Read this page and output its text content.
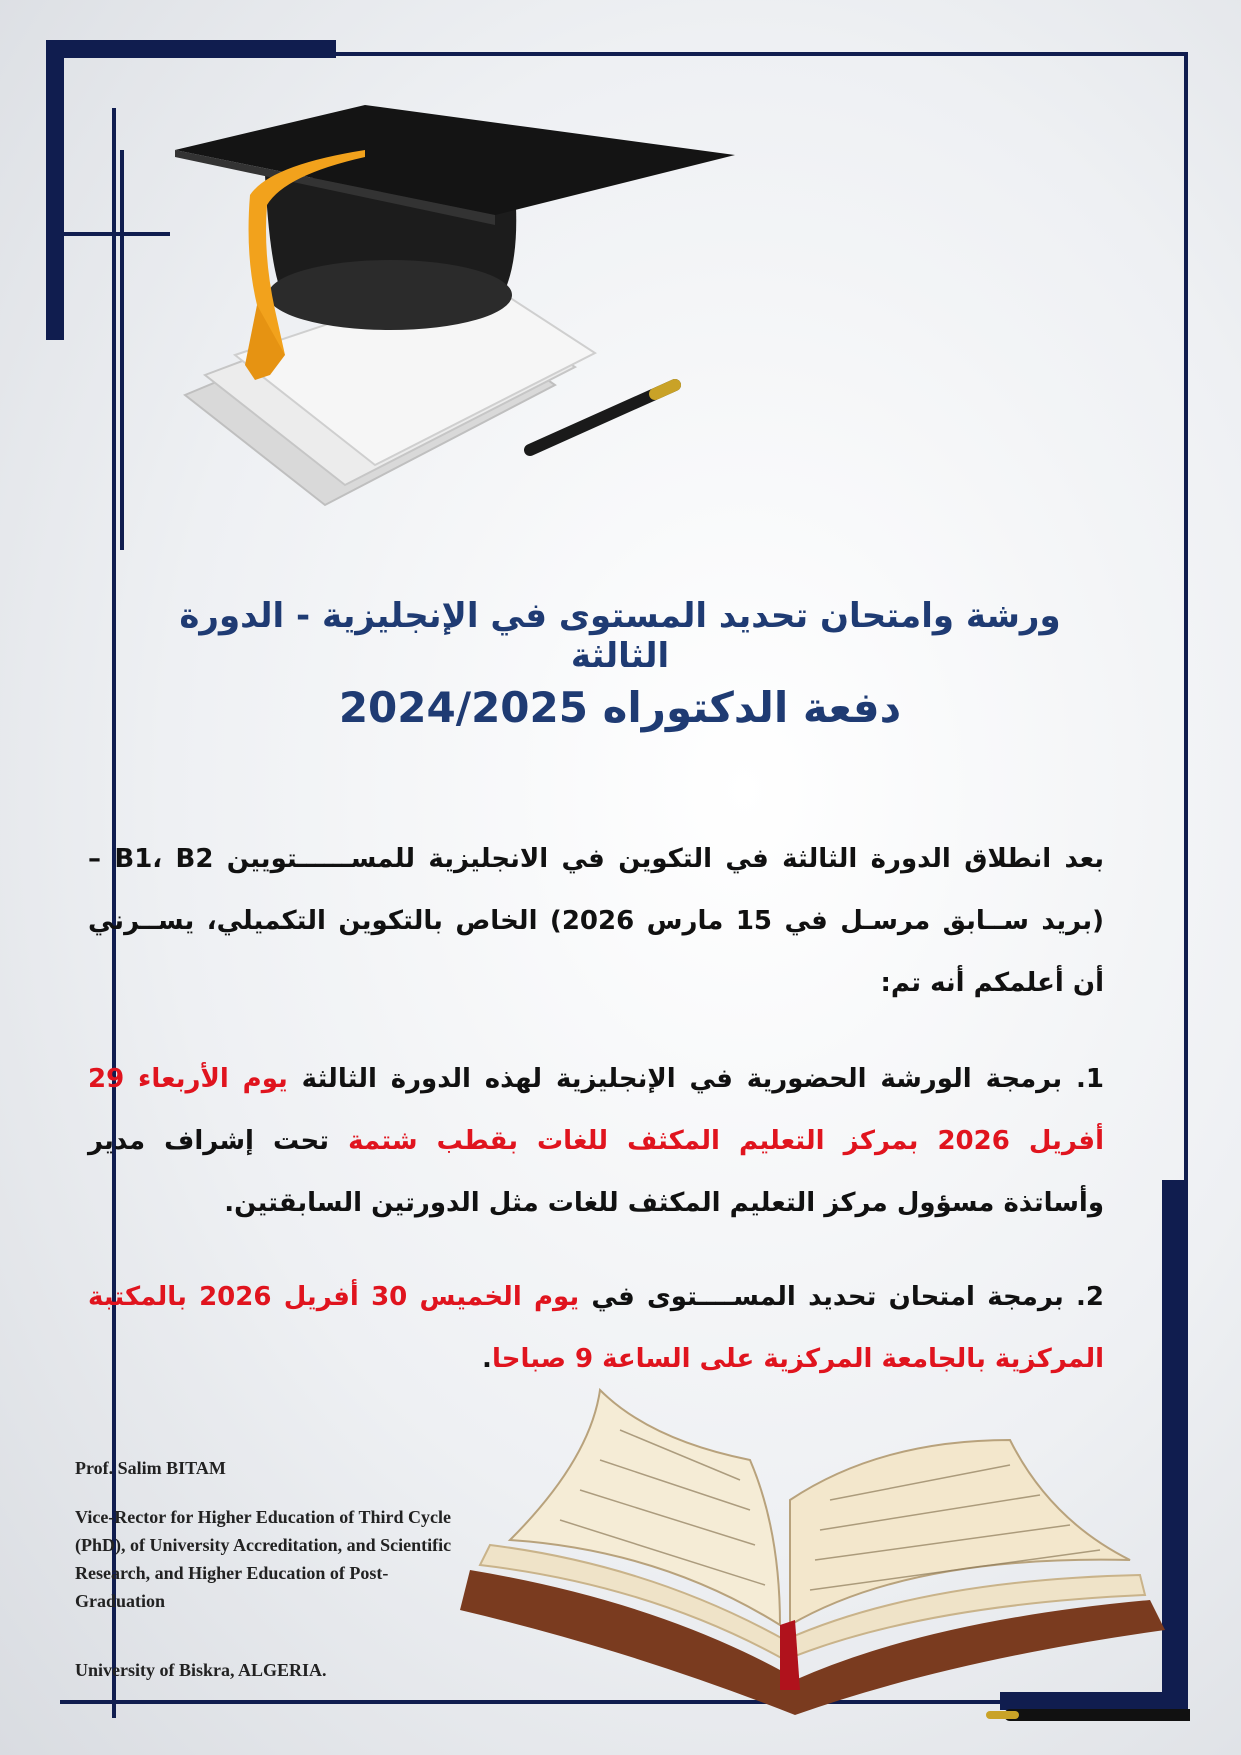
ورشة وامتحان تحديد المستوى في الإنجليزية - الدورة الثالثة
دفعة الدكتوراه 2024/2025

بعد انطلاق الدورة الثالثة في التكوين في الانجليزية للمســــــتويين B1، B2 – (بريد ســابق مرسـل في 15 مارس 2026) الخاص بالتكوين التكميلي، يســرني أن أعلمكم أنه تم:

1. برمجة الورشة الحضورية في الإنجليزية لهذه الدورة الثالثة يوم الأربعاء 29 أفريل 2026 بمركز التعليم المكثف للغات بقطب شتمة تحت إشراف مدير وأساتذة مسؤول مركز التعليم المكثف للغات مثل الدورتين السابقتين.

2. برمجة امتحان تحديد المســــتوى في يوم الخميس 30 أفريل 2026 بالمكتبة المركزية بالجامعة المركزية على الساعة 9 صباحا.

Prof. Salim BITAM

Vice-Rector for Higher Education of Third Cycle (PhD), of University Accreditation, and Scientific Research, and Higher Education of Post-Graduation

University of Biskra, ALGERIA.
